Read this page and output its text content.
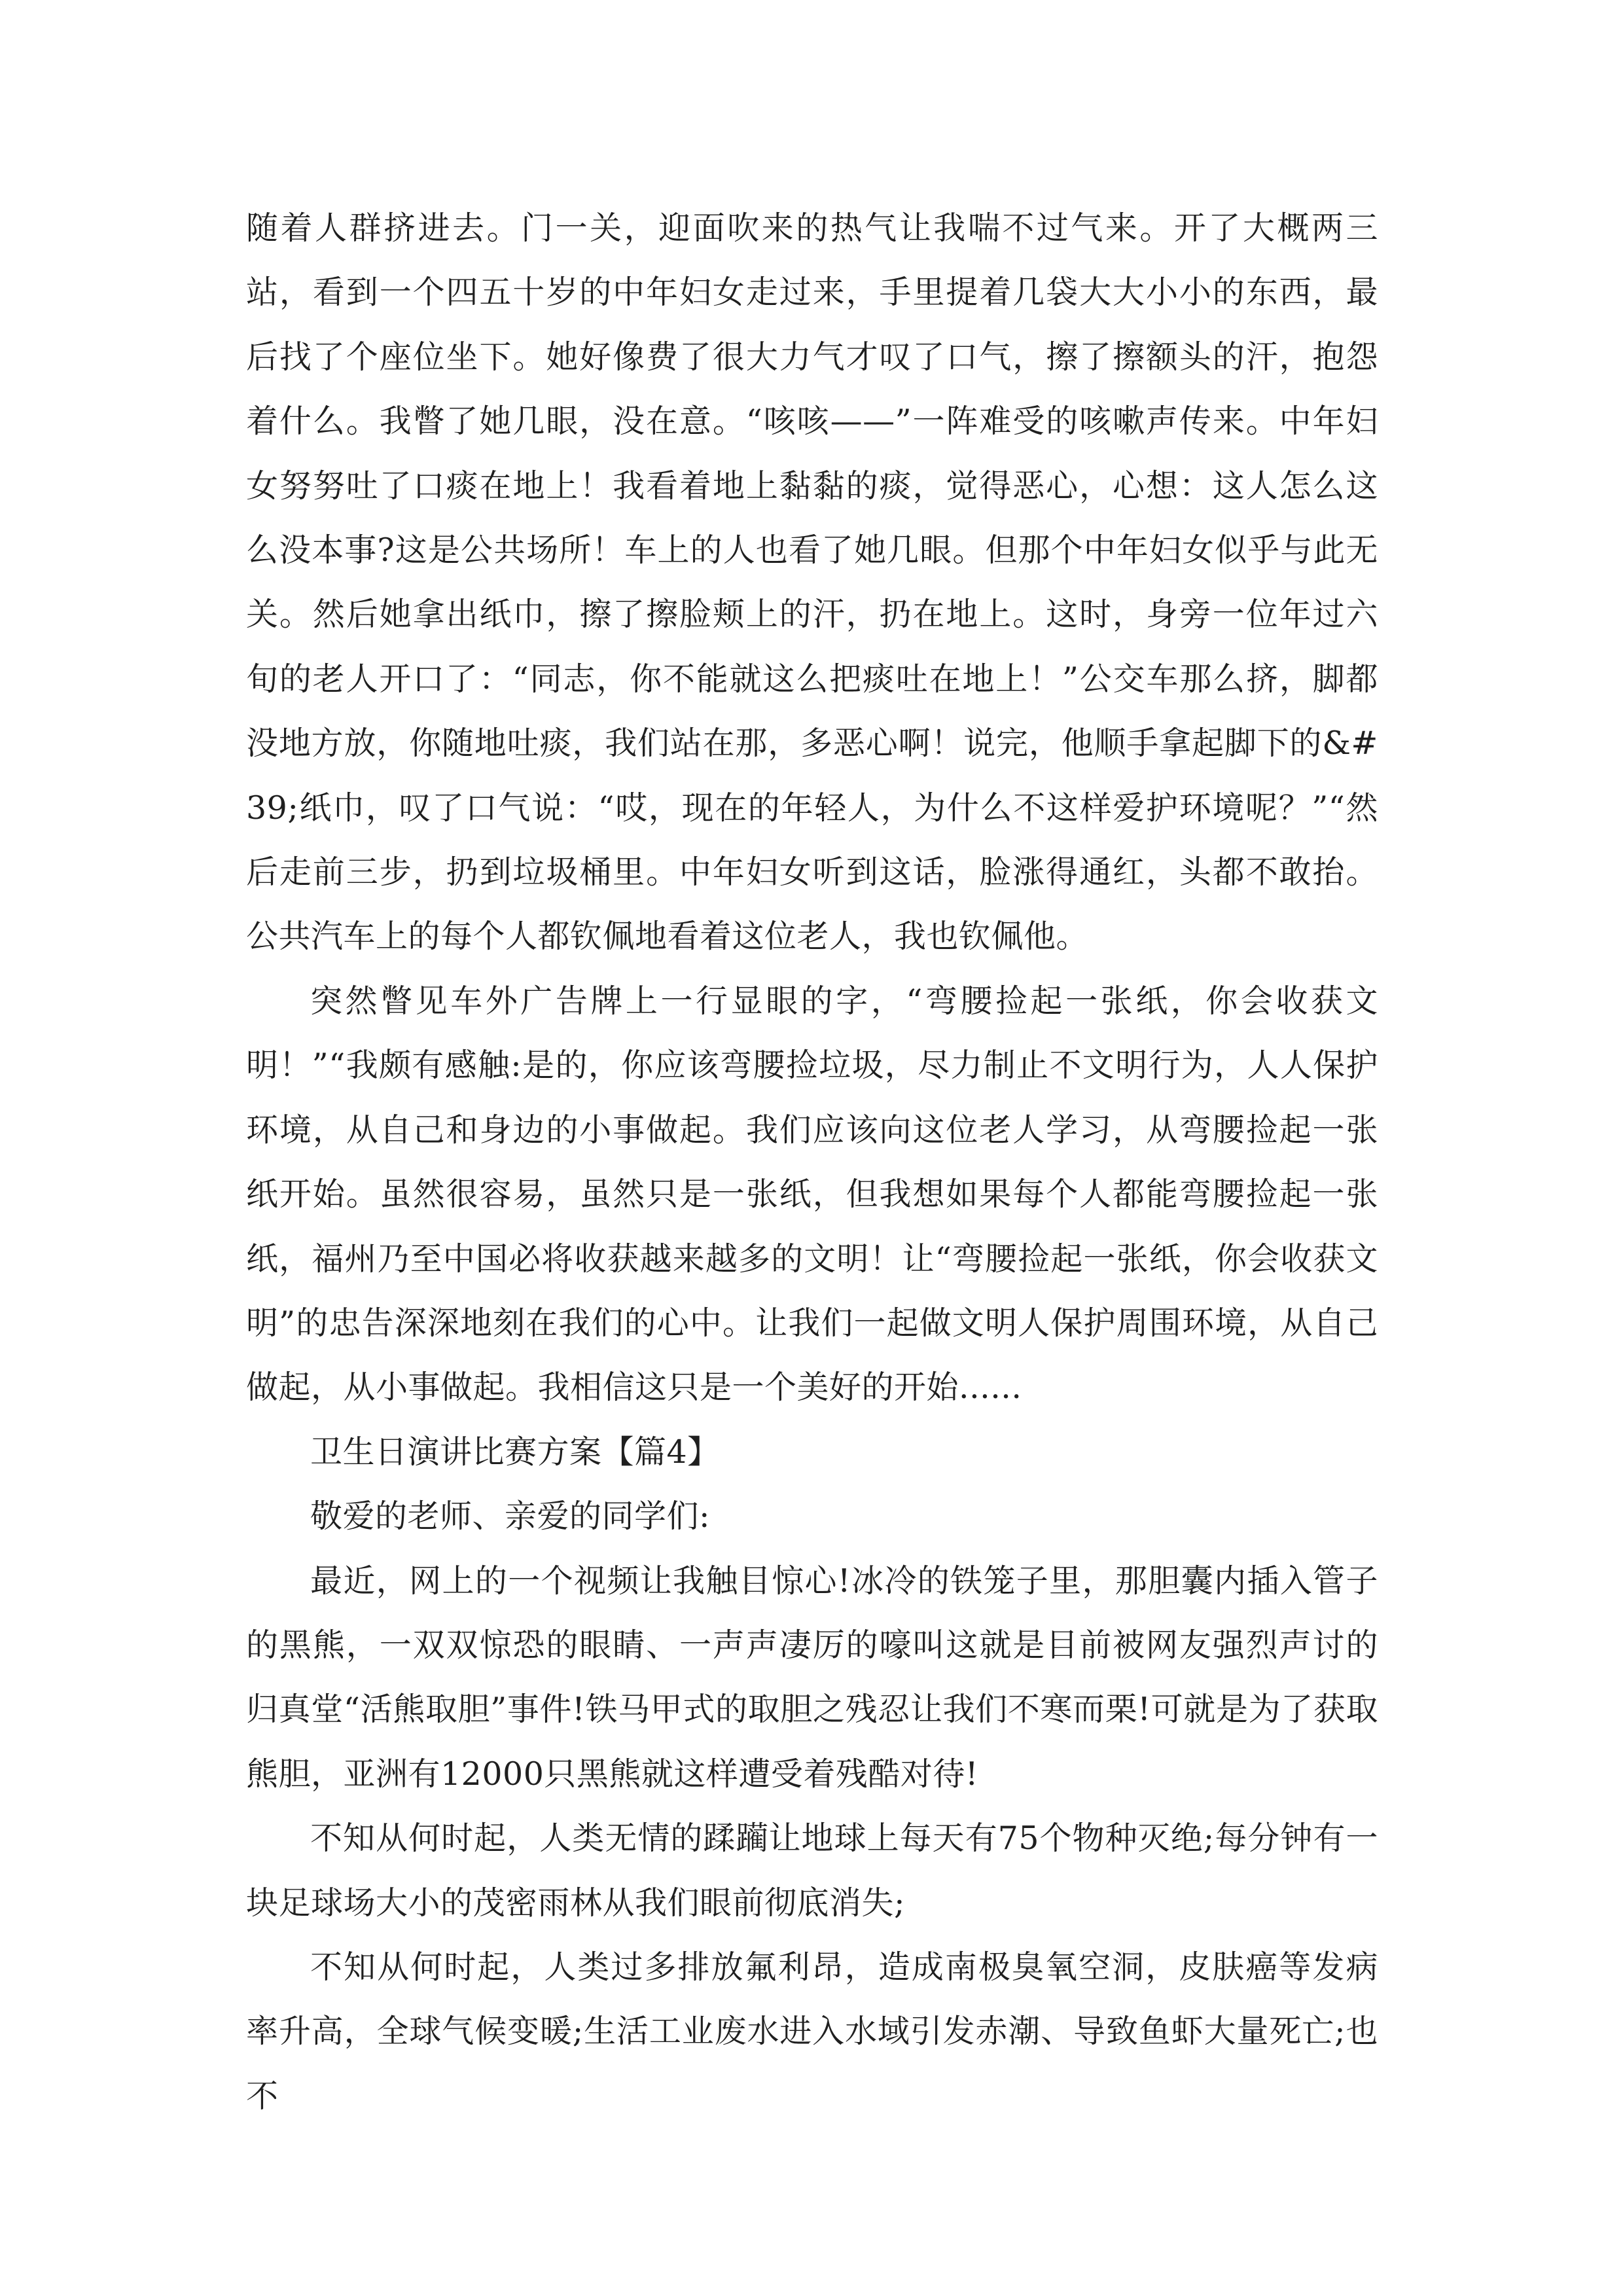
随着人群挤进去。门一关，迎面吹来的热气让我喘不过气来。开了大概两三站，看到一个四五十岁的中年妇女走过来，手里提着几袋大大小小的东西，最后找了个座位坐下。她好像费了很大力气才叹了口气，擦了擦额头的汗，抱怨着什么。我瞥了她几眼，没在意。“咳咳——”一阵难受的咳嗽声传来。中年妇女努努吐了口痰在地上！我看着地上黏黏的痰，觉得恶心，心想：这人怎么这么没本事?这是公共场所！车上的人也看了她几眼。但那个中年妇女似乎与此无关。然后她拿出纸巾，擦了擦脸颊上的汗，扔在地上。这时，身旁一位年过六旬的老人开口了：“同志，你不能就这么把痰吐在地上！”公交车那么挤，脚都没地方放，你随地吐痰，我们站在那，多恶心啊！说完，他顺手拿起脚下的&#39;纸巾，叹了口气说：“哎，现在的年轻人，为什么不这样爱护环境呢？”“然后走前三步，扔到垃圾桶里。中年妇女听到这话，脸涨得通红，头都不敢抬。公共汽车上的每个人都钦佩地看着这位老人，我也钦佩他。

突然瞥见车外广告牌上一行显眼的字，“弯腰捡起一张纸，你会收获文明！”“我颇有感触:是的，你应该弯腰捡垃圾，尽力制止不文明行为，人人保护环境，从自己和身边的小事做起。我们应该向这位老人学习，从弯腰捡起一张纸开始。虽然很容易，虽然只是一张纸，但我想如果每个人都能弯腰捡起一张纸，福州乃至中国必将收获越来越多的文明！让“弯腰捡起一张纸，你会收获文明”的忠告深深地刻在我们的心中。让我们一起做文明人保护周围环境，从自己做起，从小事做起。我相信这只是一个美好的开始......

卫生日演讲比赛方案【篇4】

敬爱的老师、亲爱的同学们:

最近，网上的一个视频让我触目惊心!冰冷的铁笼子里，那胆囊内插入管子的黑熊，一双双惊恐的眼睛、一声声凄厉的嚎叫这就是目前被网友强烈声讨的归真堂“活熊取胆”事件!铁马甲式的取胆之残忍让我们不寒而栗!可就是为了获取熊胆，亚洲有12000只黑熊就这样遭受着残酷对待!

不知从何时起，人类无情的蹂躏让地球上每天有75个物种灭绝;每分钟有一块足球场大小的茂密雨林从我们眼前彻底消失;

不知从何时起，人类过多排放氟利昂，造成南极臭氧空洞，皮肤癌等发病率升高，全球气候变暖;生活工业废水进入水域引发赤潮、导致鱼虾大量死亡;也不
